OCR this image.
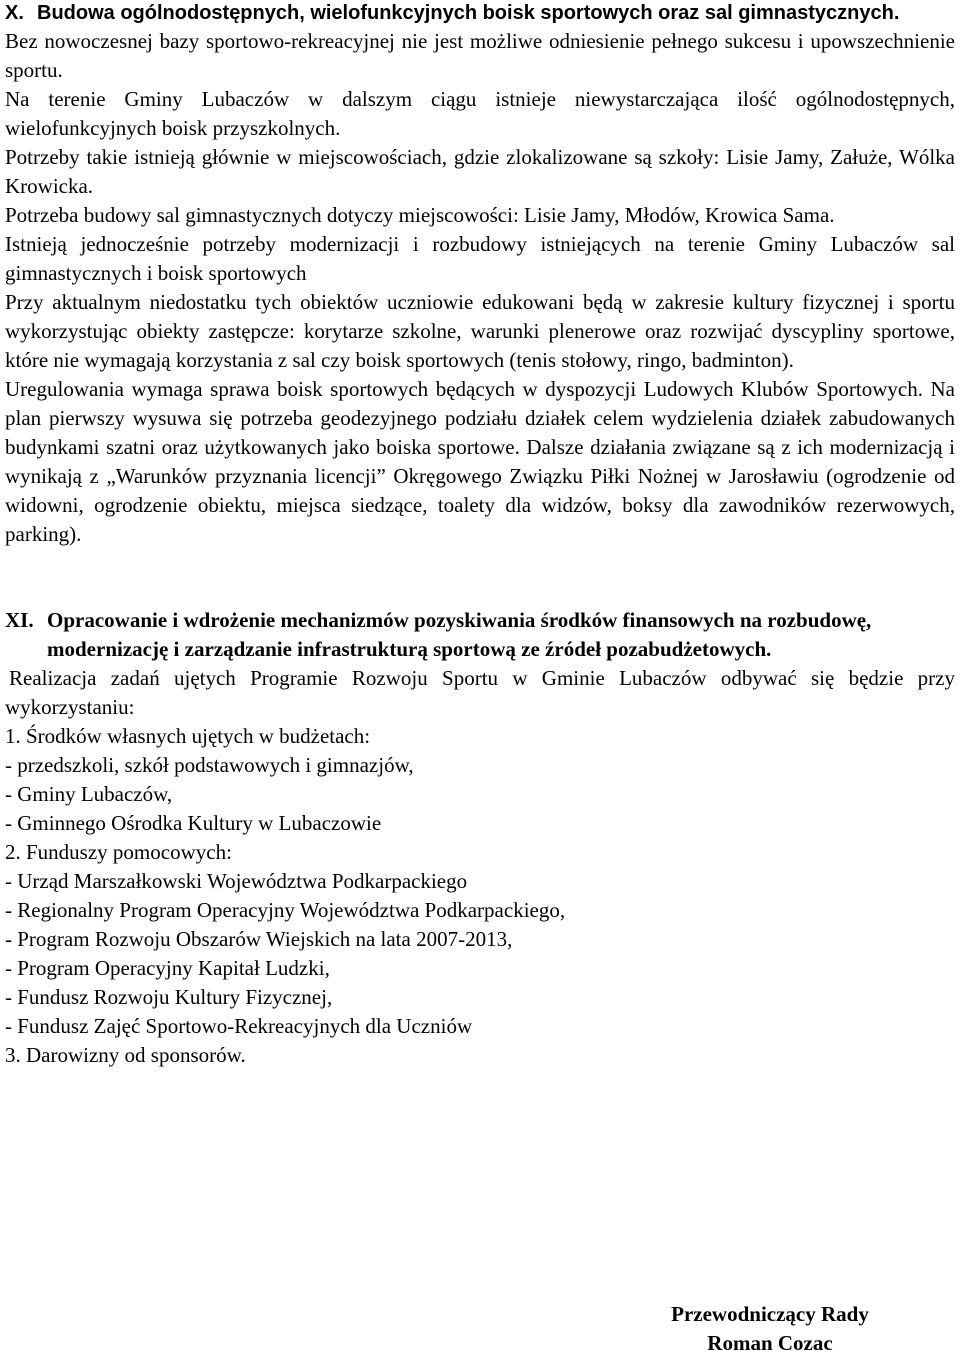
X. Budowa ogólnodostępnych, wielofunkcyjnych boisk sportowych oraz sal gimnastycznych.

Bez nowoczesnej bazy sportowo-rekreacyjnej nie jest możliwe odniesienie pełnego sukcesu i upowszechnienie sportu.

Na terenie Gminy Lubaczów w dalszym ciągu istnieje niewystarczająca ilość ogólnodostępnych, wielofunkcyjnych boisk przyszkolnych.

Potrzeby takie istnieją głównie w miejscowościach, gdzie zlokalizowane są szkoły: Lisie Jamy, Załuże, Wólka Krowicka.

Potrzeba budowy sal gimnastycznych dotyczy miejscowości: Lisie Jamy, Młodów, Krowica Sama.

Istnieją jednocześnie potrzeby modernizacji i rozbudowy istniejących na terenie Gminy Lubaczów sal gimnastycznych i boisk sportowych

Przy aktualnym niedostatku tych obiektów uczniowie edukowani będą w zakresie kultury fizycznej i sportu wykorzystując obiekty zastępcze: korytarze szkolne, warunki plenerowe oraz rozwijać dyscypliny sportowe, które nie wymagają korzystania z sal czy boisk sportowych (tenis stołowy, ringo, badminton).

Uregulowania wymaga sprawa boisk sportowych będących w dyspozycji Ludowych Klubów Sportowych. Na plan pierwszy wysuwa się potrzeba geodezyjnego podziału działek celem wydzielenia działek zabudowanych budynkami szatni oraz użytkowanych jako boiska sportowe. Dalsze działania związane są z ich modernizacją i wynikają z „Warunków przyznania licencji” Okręgowego Związku Piłki Nożnej w Jarosławiu (ogrodzenie od widowni, ogrodzenie obiektu, miejsca siedzące, toalety dla widzów, boksy dla zawodników rezerwowych, parking).

XI. Opracowanie i wdrożenie mechanizmów pozyskiwania środków finansowych na rozbudowę, modernizację i zarządzanie infrastrukturą sportową ze źródeł pozabudżetowych.

Realizacja zadań ujętych Programie Rozwoju Sportu w Gminie Lubaczów odbywać się będzie przy wykorzystaniu:

1. Środków własnych ujętych w budżetach:

- przedszkoli, szkół podstawowych i gimnazjów,

- Gminy Lubaczów,

- Gminnego Ośrodka Kultury w Lubaczowie

2. Funduszy pomocowych:

- Urząd Marszałkowski Województwa Podkarpackiego

- Regionalny Program Operacyjny Województwa Podkarpackiego,

- Program Rozwoju Obszarów Wiejskich na lata 2007-2013,

- Program Operacyjny Kapitał Ludzki,

- Fundusz Rozwoju Kultury Fizycznej,

- Fundusz Zajęć Sportowo-Rekreacyjnych dla Uczniów

3. Darowizny od sponsorów.

Przewodniczący Rady
Roman Cozac
